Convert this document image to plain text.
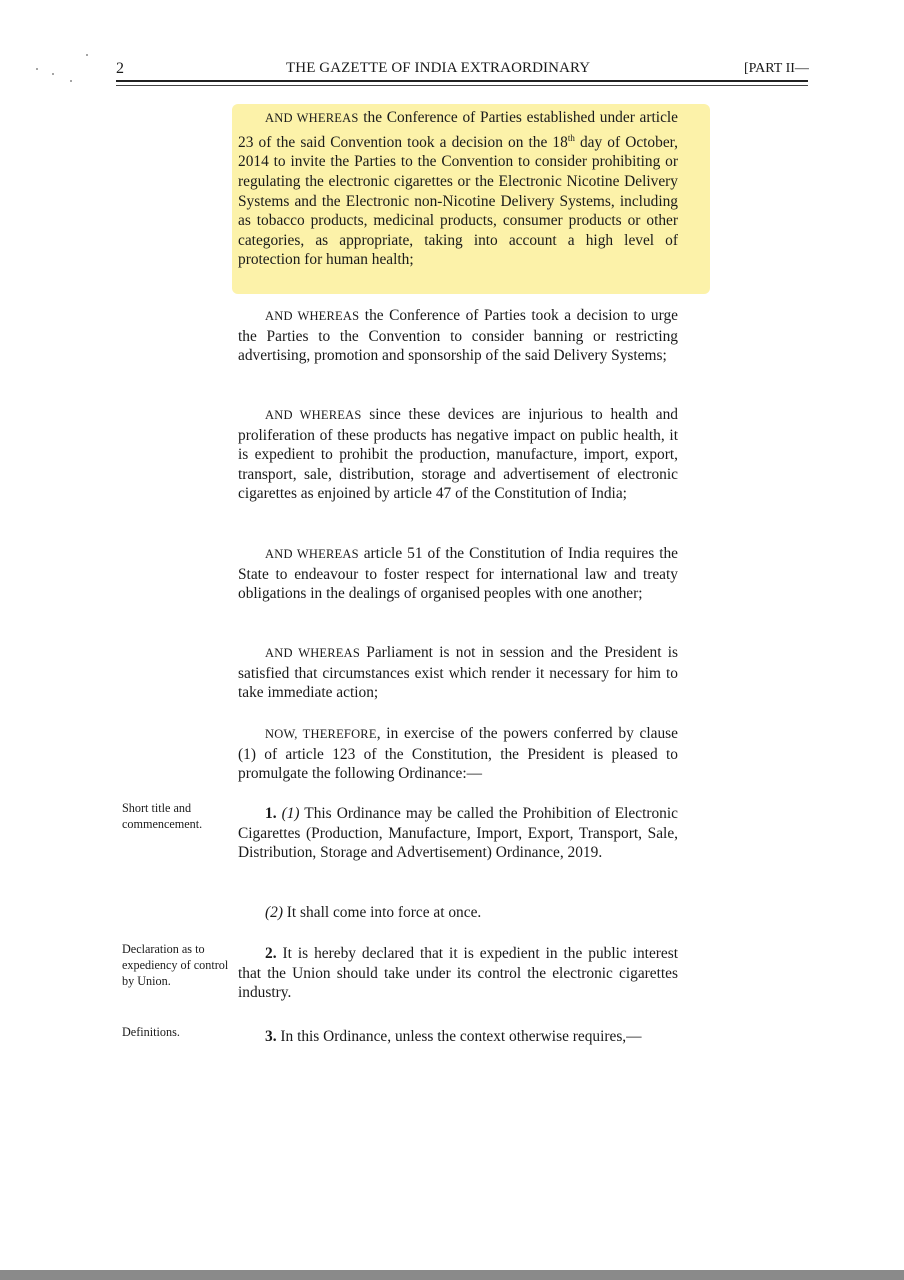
2	THE GAZETTE OF INDIA EXTRAORDINARY	[PART II—

AND WHEREAS the Conference of Parties established under article 23 of the said Convention took a decision on the 18th day of October, 2014 to invite the Parties to the Convention to consider prohibiting or regulating the electronic cigarettes or the Electronic Nicotine Delivery Systems and the Electronic non-Nicotine Delivery Systems, including as tobacco products, medicinal products, consumer products or other categories, as appropriate, taking into account a high level of protection for human health;

AND WHEREAS the Conference of Parties took a decision to urge the Parties to the Convention to consider banning or restricting advertising, promotion and sponsorship of the said Delivery Systems;

AND WHEREAS since these devices are injurious to health and proliferation of these products has negative impact on public health, it is expedient to prohibit the production, manufacture, import, export, transport, sale, distribution, storage and advertisement of electronic cigarettes as enjoined by article 47 of the Constitution of India;

AND WHEREAS article 51 of the Constitution of India requires the State to endeavour to foster respect for international law and treaty obligations in the dealings of organised peoples with one another;

AND WHEREAS Parliament is not in session and the President is satisfied that circumstances exist which render it necessary for him to take immediate action;

NOW, THEREFORE, in exercise of the powers conferred by clause (1) of article 123 of the Constitution, the President is pleased to promulgate the following Ordinance:—

Short title and commencement.

1. (1) This Ordinance may be called the Prohibition of Electronic Cigarettes (Production, Manufacture, Import, Export, Transport, Sale, Distribution, Storage and Advertisement) Ordinance, 2019.

(2) It shall come into force at once.

Declaration as to expediency of control by Union.

2. It is hereby declared that it is expedient in the public interest that the Union should take under its control the electronic cigarettes industry.

Definitions.	3. In this Ordinance, unless the context otherwise requires,—
